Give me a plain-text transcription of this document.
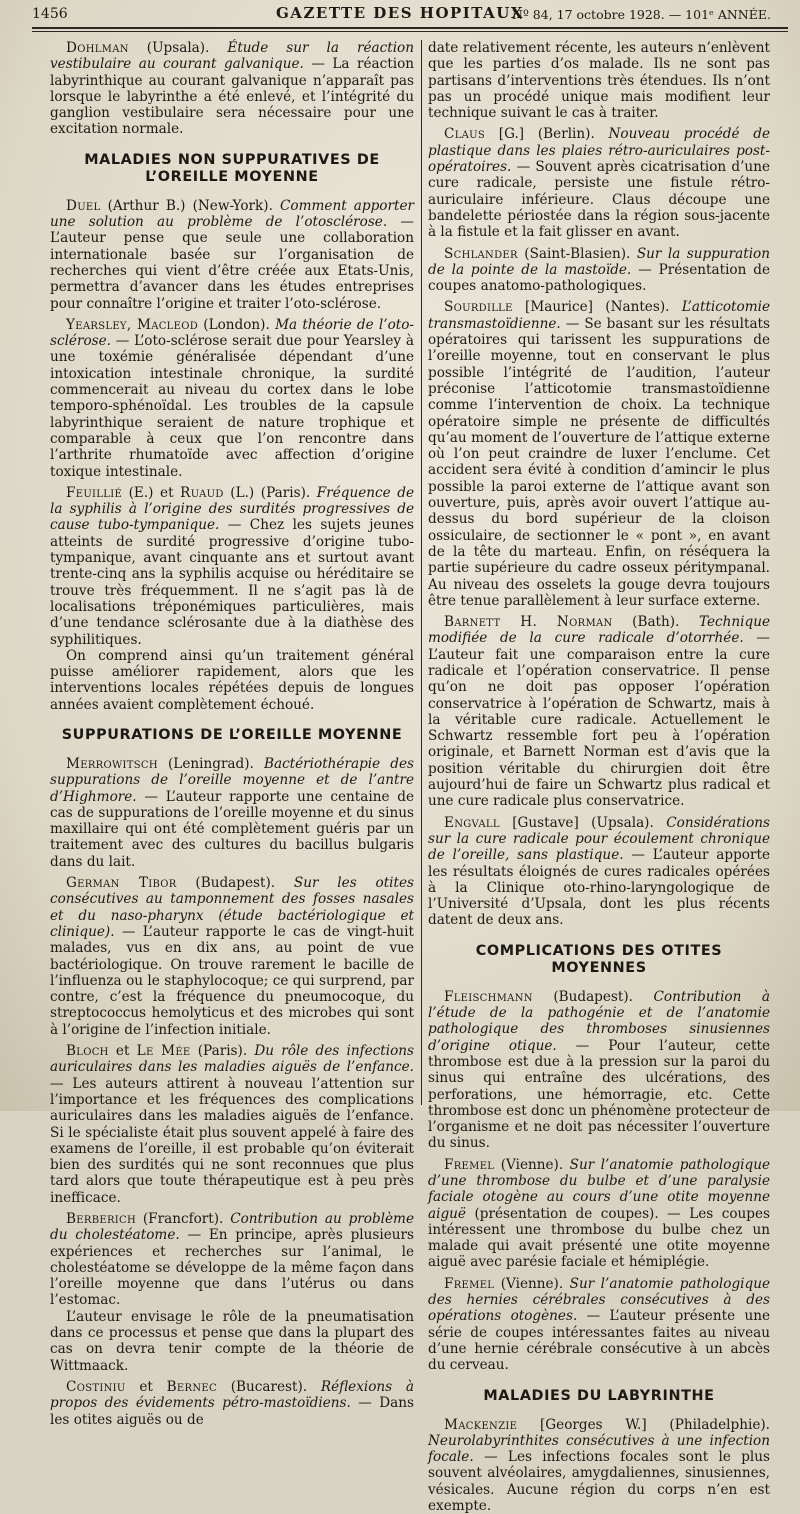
1456	GAZETTE DES HOPITAUX
Nº 84, 17 octobre 1928. — 101ᵉ ANNÉE.

Dohlman (Upsala). Étude sur la réaction vestibulaire au courant galvanique. — La réaction labyrinthique au courant galvanique n’apparaît pas lorsque le labyrinthe a été enlevé, et l’intégrité du ganglion vestibulaire sera nécessaire pour une excitation normale.

MALADIES NON SUPPURATIVES DE L’OREILLE MOYENNE

Duel (Arthur B.) (New-York). Comment apporter une solution au problème de l’otosclérose. — L’auteur pense que seule une collaboration internationale basée sur l’organisation de recherches qui vient d’être créée aux Etats-Unis, permettra d’avancer dans les études entreprises pour connaître l’origine et traiter l’oto-sclérose.

Yearsley, Macleod (London). Ma théorie de l’oto-sclérose. — L’oto-sclérose serait due pour Yearsley à une toxémie généralisée dépendant d’une intoxication intestinale chronique, la surdité commencerait au niveau du cortex dans le lobe temporo-sphénoïdal. Les troubles de la capsule labyrinthique seraient de nature trophique et comparable à ceux que l’on rencontre dans l’arthrite rhumatoïde avec affection d’origine toxique intestinale.

Feuillié (E.) et Ruaud (L.) (Paris). Fréquence de la syphilis à l’origine des surdités progressives de cause tubo-tympanique. — Chez les sujets jeunes atteints de surdité progressive d’origine tubo-tympanique, avant cinquante ans et surtout avant trente-cinq ans la syphilis acquise ou héréditaire se trouve très fréquemment. Il ne s’agit pas là de localisations tréponémiques particulières, mais d’une tendance sclérosante due à la diathèse des syphilitiques.

On comprend ainsi qu’un traitement général puisse améliorer rapidement, alors que les interventions locales répétées depuis de longues années avaient complètement échoué.

SUPPURATIONS DE L’OREILLE MOYENNE

Merrowitsch (Leningrad). Bactériothérapie des suppurations de l’oreille moyenne et de l’antre d’Highmore. — L’auteur rapporte une centaine de cas de suppurations de l’oreille moyenne et du sinus maxillaire qui ont été complètement guéris par un traitement avec des cultures du bacillus bulgaris dans du lait.

German Tibor (Budapest). Sur les otites consécutives au tamponnement des fosses nasales et du naso-pharynx (étude bactériologique et clinique). — L’auteur rapporte le cas de vingt-huit malades, vus en dix ans, au point de vue bactériologique. On trouve rarement le bacille de l’influenza ou le staphylocoque; ce qui surprend, par contre, c’est la fréquence du pneumocoque, du streptococcus hemolyticus et des microbes qui sont à l’origine de l’infection initiale.

Bloch et Le Mée (Paris). Du rôle des infections auriculaires dans les maladies aiguës de l’enfance. — Les auteurs attirent à nouveau l’attention sur l’importance et les fréquences des complications auriculaires dans les maladies aiguës de l’enfance. Si le spécialiste était plus souvent appelé à faire des examens de l’oreille, il est probable qu’on éviterait bien des surdités qui ne sont reconnues que plus tard alors que toute thérapeutique est à peu près inefficace.

Berberich (Francfort). Contribution au problème du cholestéatome. — En principe, après plusieurs expériences et recherches sur l’animal, le cholestéatome se développe de la même façon dans l’oreille moyenne que dans l’utérus ou dans l’estomac.

L’auteur envisage le rôle de la pneumatisation dans ce processus et pense que dans la plupart des cas on devra tenir compte de la théorie de Wittmaack.

Costiniu et Bernec (Bucarest). Réflexions à propos des évidements pétro-mastoïdiens. — Dans les otites aiguës ou de

date relativement récente, les auteurs n’enlèvent que les parties d’os malade. Ils ne sont pas partisans d’interventions très étendues. Ils n’ont pas un procédé unique mais modifient leur technique suivant le cas à traiter.

Claus [G.] (Berlin). Nouveau procédé de plastique dans les plaies rétro-auriculaires post-opératoires. — Souvent après cicatrisation d’une cure radicale, persiste une fistule rétro-auriculaire inférieure. Claus découpe une bandelette périostée dans la région sous-jacente à la fistule et la fait glisser en avant.

Schlander (Saint-Blasien). Sur la suppuration de la pointe de la mastoïde. — Présentation de coupes anatomo-pathologiques.

Sourdille [Maurice] (Nantes). L’atticotomie transmastoïdienne. — Se basant sur les résultats opératoires qui tarissent les suppurations de l’oreille moyenne, tout en conservant le plus possible l’intégrité de l’audition, l’auteur préconise l’atticotomie transmastoïdienne comme l’intervention de choix. La technique opératoire simple ne présente de difficultés qu’au moment de l’ouverture de l’attique externe où l’on peut craindre de luxer l’enclume. Cet accident sera évité à condition d’amincir le plus possible la paroi externe de l’attique avant son ouverture, puis, après avoir ouvert l’attique au-dessus du bord supérieur de la cloison ossiculaire, de sectionner le « pont », en avant de la tête du marteau. Enfin, on réséquera la partie supérieure du cadre osseux péritympanal. Au niveau des osselets la gouge devra toujours être tenue parallèlement à leur surface externe.

Barnett H. Norman (Bath). Technique modifiée de la cure radicale d’otorrhée. — L’auteur fait une comparaison entre la cure radicale et l’opération conservatrice. Il pense qu’on ne doit pas opposer l’opération conservatrice à l’opération de Schwartz, mais à la véritable cure radicale. Actuellement le Schwartz ressemble fort peu à l’opération originale, et Barnett Norman est d’avis que la position véritable du chirurgien doit être aujourd’hui de faire un Schwartz plus radical et une cure radicale plus conservatrice.

Engvall [Gustave] (Upsala). Considérations sur la cure radicale pour écoulement chronique de l’oreille, sans plastique. — L’auteur apporte les résultats éloignés de cures radicales opérées à la Clinique oto-rhino-laryngologique de l’Université d’Upsala, dont les plus récents datent de deux ans.

COMPLICATIONS DES OTITES MOYENNES

Fleischmann (Budapest). Contribution à l’étude de la pathogénie et de l’anatomie pathologique des thromboses sinusiennes d’origine otique. — Pour l’auteur, cette thrombose est due à la pression sur la paroi du sinus qui entraîne des ulcérations, des perforations, une hémorragie, etc. Cette thrombose est donc un phénomène protecteur de l’organisme et ne doit pas nécessiter l’ouverture du sinus.

Fremel (Vienne). Sur l’anatomie pathologique d’une thrombose du bulbe et d’une paralysie faciale otogène au cours d’une otite moyenne aiguë (présentation de coupes). — Les coupes intéressent une thrombose du bulbe chez un malade qui avait présenté une otite moyenne aiguë avec parésie faciale et hémiplégie.

Fremel (Vienne). Sur l’anatomie pathologique des hernies cérébrales consécutives à des opérations otogènes. — L’auteur présente une série de coupes intéressantes faites au niveau d’une hernie cérébrale consécutive à un abcès du cerveau.

MALADIES DU LABYRINTHE

Mackenzie [Georges W.] (Philadelphie). Neurolabyrinthites consécutives à une infection focale. — Les infections focales sont le plus souvent alvéolaires, amygdaliennes, sinusiennes, vésicales. Aucune région du corps n’en est exempte.
